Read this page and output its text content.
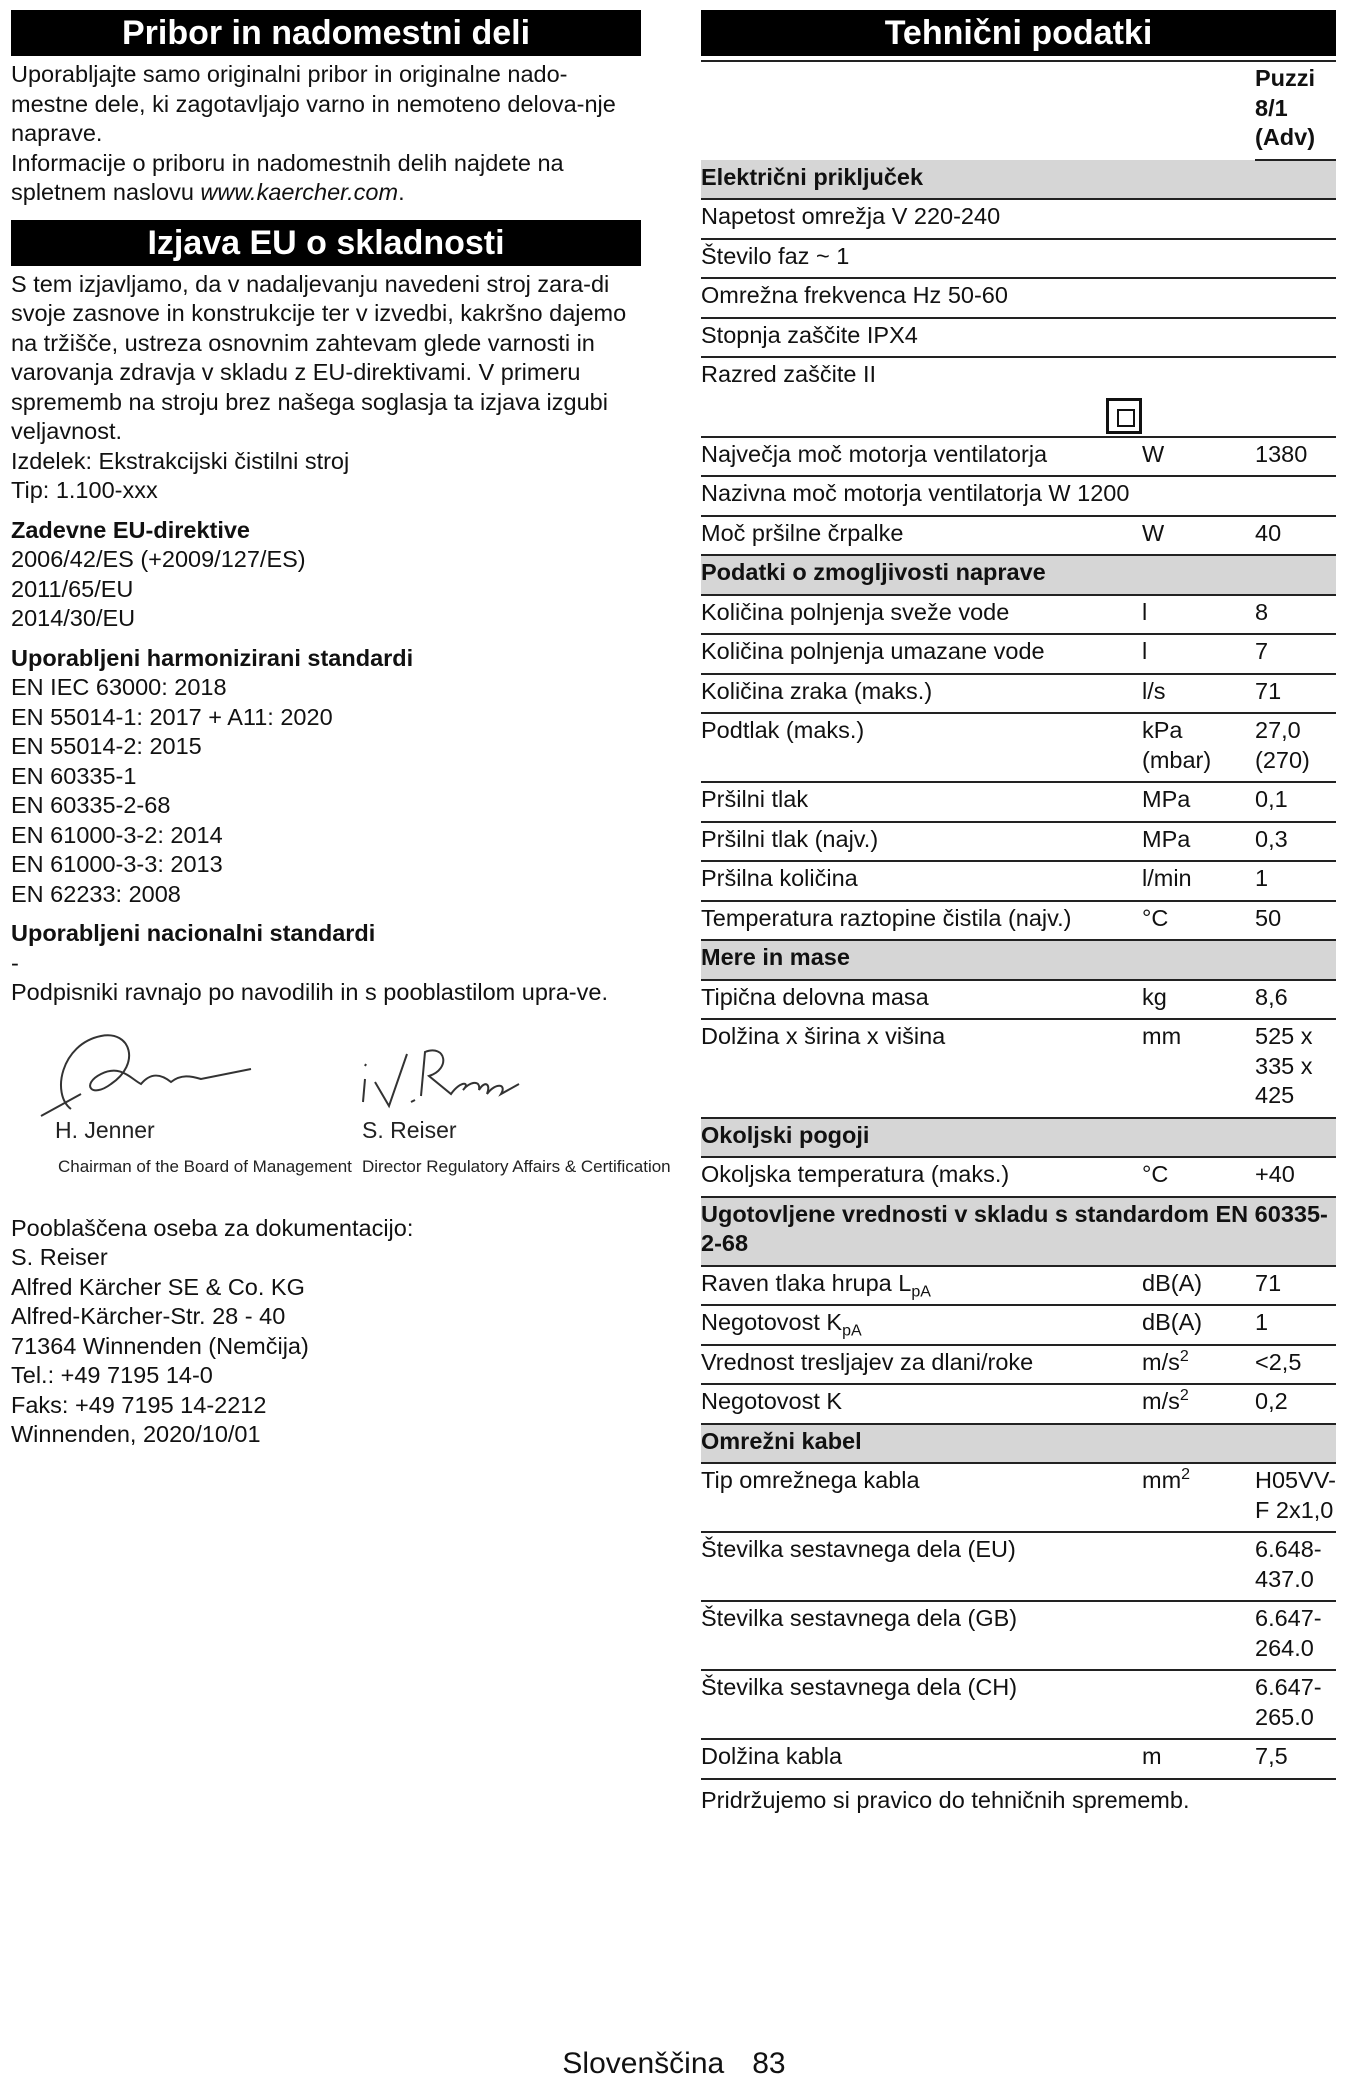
Pribor in nadomestni deli

Uporabljajte samo originalni pribor in originalne nado-mestne dele, ki zagotavljajo varno in nemoteno delova-nje naprave.

Informacije o priboru in nadomestnih delih najdete na spletnem naslovu www.kaercher.com.

Izjava EU o skladnosti

S tem izjavljamo, da v nadaljevanju navedeni stroj zara-di svoje zasnove in konstrukcije ter v izvedbi, kakršno dajemo na tržišče, ustreza osnovnim zahtevam glede varnosti in varovanja zdravja v skladu z EU-direktivami. V primeru sprememb na stroju brez našega soglasja ta izjava izgubi veljavnost.

Izdelek: Ekstrakcijski čistilni stroj

Tip: 1.100-xxx

Zadevne EU-direktive
2006/42/ES (+2009/127/ES)
2011/65/EU
2014/30/EU
Uporabljeni harmonizirani standardi
EN IEC 63000: 2018
EN 55014-1: 2017 + A11: 2020
EN 55014-2: 2015
EN 60335-1
EN 60335-2-68
EN 61000-3-2: 2014
EN 61000-3-3: 2013
EN 62233: 2008
Uporabljeni nacionalni standardi

-

Podpisniki ravnajo po navodilih in s pooblastilom upra-ve.

H. Jenner
Chairman of the Board of Management
S. Reiser
Director Regulatory Affairs & Certification
Pooblaščena oseba za dokumentacijo:
S. Reiser
Alfred Kärcher SE & Co. KG
Alfred-Kärcher-Str. 28 - 40
71364 Winnenden (Nemčija)
Tel.: +49 7195 14-0
Faks: +49 7195 14-2212
Winnenden, 2020/10/01
Tehnični podatki
		Puzzi 8/1 (Adv)
Električni priključek		
Napetost omrežja V 220-240		
Število faz ~ 1		
Omrežna frekvenca Hz 50-60		
Stopnja zaščite IPX4		
Razred zaščite II

Največja moč motorja ventilatorja	W	1380
Nazivna moč motorja ventilatorja W 1200		
Moč pršilne črpalke	W	40
Podatki o zmogljivosti naprave		
Količina polnjenja sveže vode	l	8
Količina polnjenja umazane vode	l	7
Količina zraka (maks.)	l/s	71
Podtlak (maks.)	kPa (mbar)	27,0 (270)
Pršilni tlak	MPa	0,1
Pršilni tlak (najv.)	MPa	0,3
Pršilna količina	l/min	1
Temperatura raztopine čistila (najv.)	°C	50
Mere in mase		
Tipična delovna masa	kg	8,6
Dolžina x širina x višina	mm	525 x 335 x 425
Okoljski pogoji		
Okoljska temperatura (maks.)	°C	+40
Ugotovljene vrednosti v skladu s standardom EN 60335-2-68		
Raven tlaka hrupa $L_{pA}$	dB(A)	71
Negotovost $K_{pA}$	dB(A)	1
Vrednost tresljajev za dlani/roke	$m/s^2$	<2,5
Negotovost K	$m/s^2$	0,2
Omrežni kabel		
Tip omrežnega kabla	$mm^2$	H05VV-F 2x1,0
Številka sestavnega dela (EU)		6.648-437.0
Številka sestavnega dela (GB)		6.647-264.0
Številka sestavnega dela (CH)		6.647-265.0
Dolžina kabla	m	7,5
Pridržujemo si pravico do tehničnih sprememb.
Slovenščina 83
